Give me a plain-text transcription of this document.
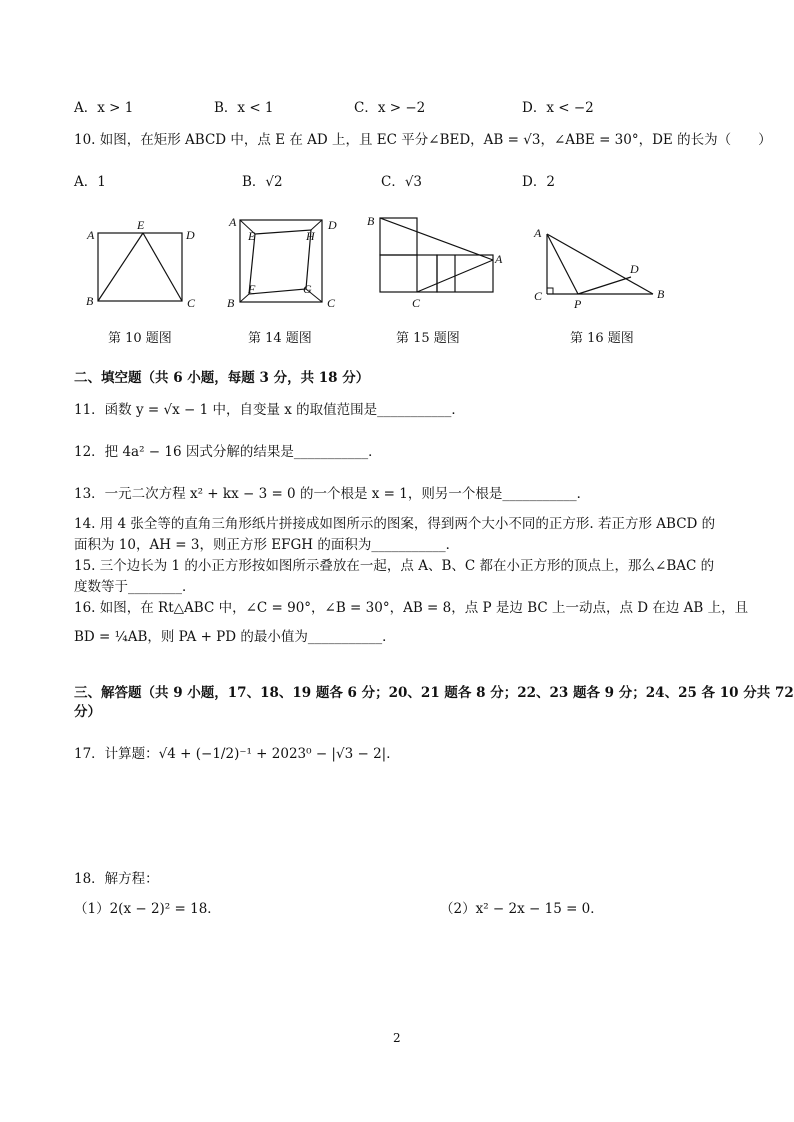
A．x > 1	B．x < 1	C．x > −2	D．x < −2
10. 如图，在矩形 ABCD 中，点 E 在 AD 上，且 EC 平分∠BED，AB = √3，∠ABE = 30°，DE 的长为（　　）
A．1	B．√2	C．√3	D．2
A
E
D
B	C
第 10 题图
A	D
E	H
F	G
B	C
第 14 题图
B
A
C
第 15 题图
A
D
C
P
B
第 16 题图
二、填空题（共 6 小题，每题 3 分，共 18 分）
11．函数 y = √x − 1 中，自变量 x 的取值范围是___________．
12．把 4a² − 16 因式分解的结果是___________．
13．一元二次方程 x² + kx − 3 = 0 的一个根是 x = 1，则另一个根是___________．
14. 用 4 张全等的直角三角形纸片拼接成如图所示的图案，得到两个大小不同的正方形. 若正方形 ABCD 的
面积为 10，AH = 3，则正方形 EFGH 的面积为___________．
15. 三个边长为 1 的小正方形按如图所示叠放在一起，点 A、B、C 都在小正方形的顶点上，那么∠BAC 的
度数等于________．
16. 如图，在 Rt△ABC 中，∠C = 90°，∠B = 30°，AB = 8，点 P 是边 BC 上一动点，点 D 在边 AB 上，且
BD = ¼AB，则 PA + PD 的最小值为___________．
三、解答题（共 9 小题，17、18、19 题各 6 分；20、21 题各 8 分；22、23 题各 9 分；24、25 各 10 分共 72
分）
17．计算题：√4 + (−1/2)⁻¹ + 2023⁰ − |√3 − 2|．
18．解方程：
（1）2(x − 2)² = 18．	（2）x² − 2x − 15 = 0．
2
